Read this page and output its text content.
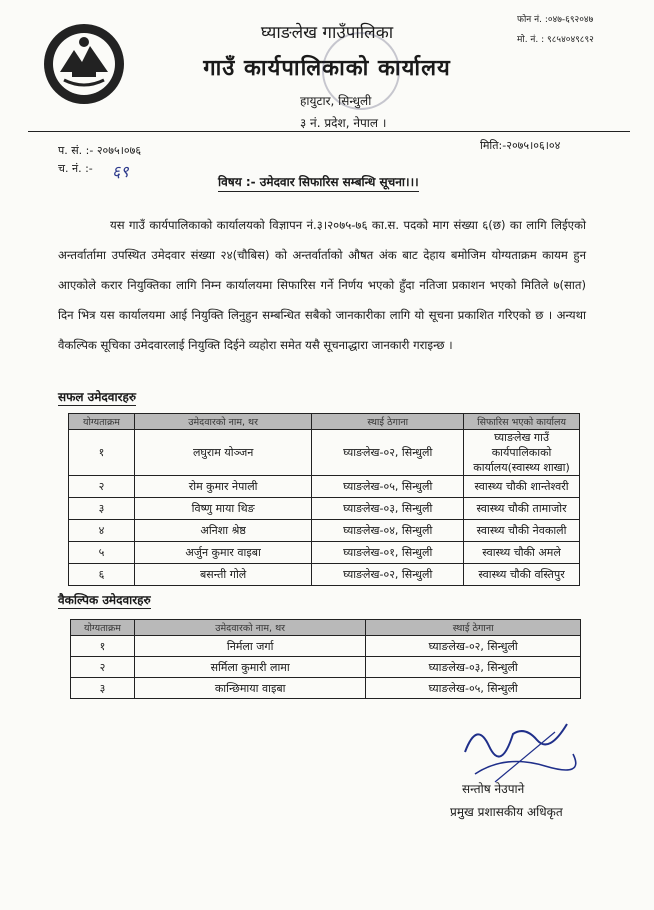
घ्याङलेख गाउँपालिका
गाउँ कार्यपालिकाको कार्यालय
हायुटार, सिन्धुली
३ नं. प्रदेश, नेपाल ।
फोन नं. :०४७-६९२०४७
मो. नं. : ९८५४०४९८९२
प. सं. :- २०७५।०७६
च. नं. :- ६९
मिति:-२०७५।०६।०४
विषय :- उमेदवार सिफारिस सम्बन्धि सूचना।।।
यस गाउँ कार्यपालिकाको कार्यालयको विज्ञापन नं.३।२०७५-७६ का.स. पदको माग संख्या ६(छ) का लागि लिईएको अन्तर्वार्तामा उपस्थित उमेदवार संख्या २४(चौबिस) को अन्तर्वार्ताको औषत अंक बाट देहाय बमोजिम योग्यताक्रम कायम हुन आएकोले करार नियुक्तिका लागि निम्न कार्यालयमा सिफारिस गर्ने निर्णय भएको हुँदा नतिजा प्रकाशन भएको मितिले ७(सात) दिन भित्र यस कार्यालयमा आई नियुक्ति लिनुहुन सम्बन्धित सबैको जानकारीका लागि यो सूचना प्रकाशित गरिएको छ । अन्यथा वैकल्पिक सूचिका उमेदवारलाई नियुक्ति दिईने व्यहोरा समेत यसै सूचनाद्धारा जानकारी गराइन्छ ।
सफल उमेदवारहरु
योग्यताक्रम	उमेदवारको नाम, थर	स्थाई ठेगाना	सिफारिस भएको कार्यालय
१	लघुराम योञ्जन	घ्याङलेख-०२, सिन्धुली	घ्याङलेख गाउँ कार्यपालिकाको कार्यालय(स्वास्थ्य शाखा)
२	रोम कुमार नेपाली	घ्याङलेख-०५, सिन्धुली	स्वास्थ्य चौकी शान्तेश्वरी
३	विष्णु माया थिङ	घ्याङलेख-०३, सिन्धुली	स्वास्थ्य चौकी तामाजोर
४	अनिशा श्रेष्ठ	घ्याङलेख-०४, सिन्धुली	स्वास्थ्य चौकी नेवकाली
५	अर्जुन कुमार वाइबा	घ्याङलेख-०१, सिन्धुली	स्वास्थ्य चौकी अमले
६	बसन्ती गोले	घ्याङलेख-०२, सिन्धुली	स्वास्थ्य चौकी वस्तिपुर
वैकल्पिक उमेदवारहरु
योग्यताक्रम	उमेदवारको नाम, थर	स्थाई ठेगाना
१	निर्मला जर्गा	घ्याङलेख-०२, सिन्धुली
२	सर्मिला कुमारी लामा	घ्याङलेख-०३, सिन्धुली
३	कान्छिमाया वाइबा	घ्याङलेख-०५, सिन्धुली
सन्तोष नेउपाने
प्रमुख प्रशासकीय अधिकृत
